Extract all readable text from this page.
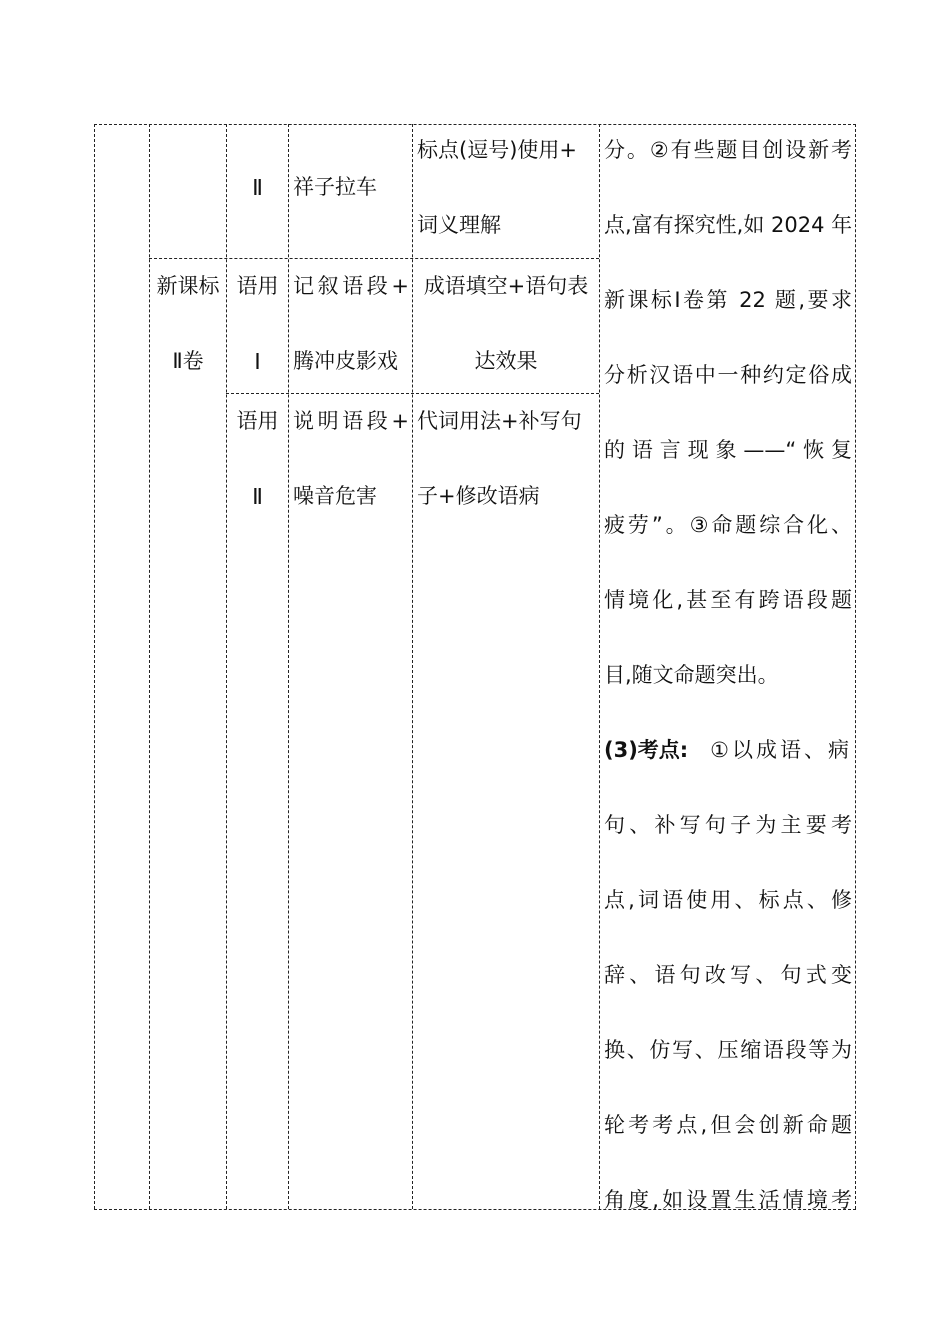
Ⅱ	祥子拉车
标点(逗号)使用+
词义理解
新课标
Ⅱ卷
语用
Ⅰ
记叙语段+
腾冲皮影戏
成语填空+语句表
达效果
语用
Ⅱ
说明语段+
噪音危害
代词用法+补写句
子+修改语病
分。②有些题目创设新考
点,富有探究性,如 2024 年
新课标Ⅰ卷第 22 题,要求
分析汉语中一种约定俗成
的语言现象——“恢复
疲劳”。③命题综合化、
情境化,甚至有跨语段题
目,随文命题突出。
(3)考点: ①以成语、病
句、补写句子为主要考
点,词语使用、标点、修
辞、语句改写、句式变
换、仿写、压缩语段等为
轮考考点,但会创新命题
角度,如设置生活情境考
